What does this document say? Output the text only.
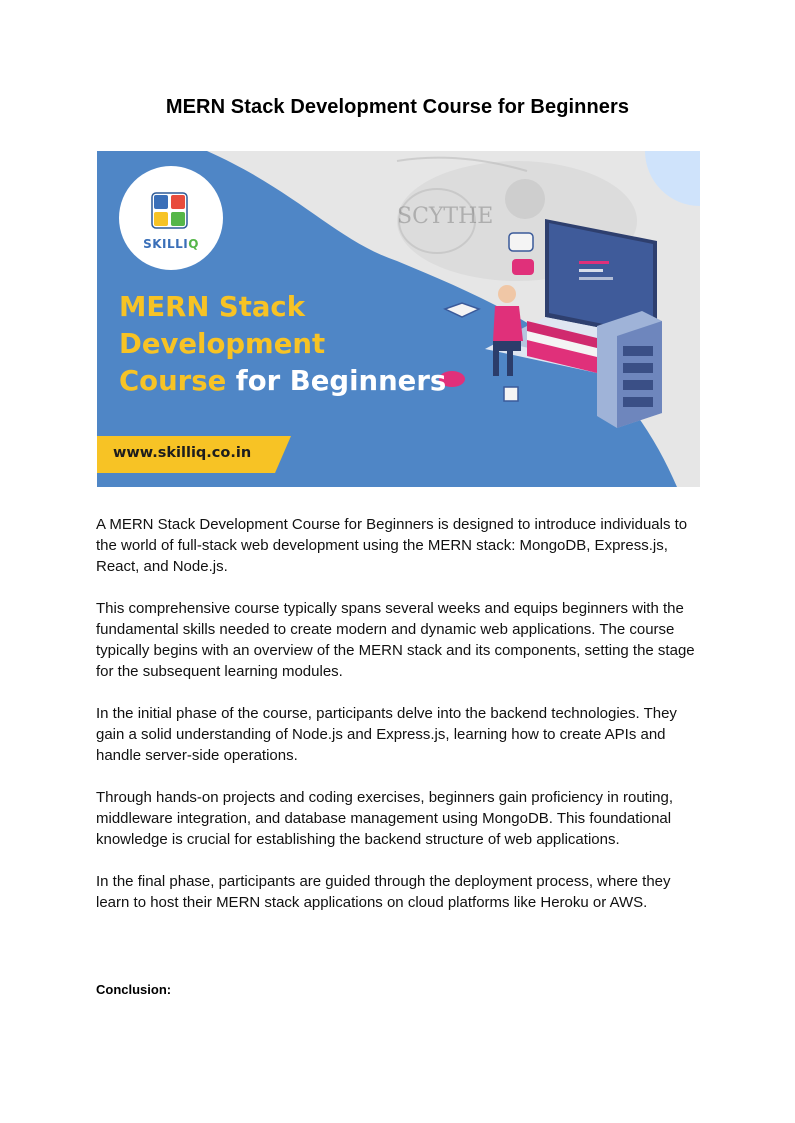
MERN Stack Development Course for Beginners
SCYTHE
SKILLIQ
MERN Stack
Development
Course for Beginners
www.skilliq.co.in

A MERN Stack Development Course for Beginners is designed to introduce individuals to the world of full-stack web development using the MERN stack: MongoDB, Express.js, React, and Node.js.

This comprehensive course typically spans several weeks and equips beginners with the fundamental skills needed to create modern and dynamic web applications. The course typically begins with an overview of the MERN stack and its components, setting the stage for the subsequent learning modules.

In the initial phase of the course, participants delve into the backend technologies. They gain a solid understanding of Node.js and Express.js, learning how to create APIs and handle server-side operations.

Through hands-on projects and coding exercises, beginners gain proficiency in routing, middleware integration, and database management using MongoDB. This foundational knowledge is crucial for establishing the backend structure of web applications.

In the final phase, participants are guided through the deployment process, where they learn to host their MERN stack applications on cloud platforms like Heroku or AWS.

Conclusion:
